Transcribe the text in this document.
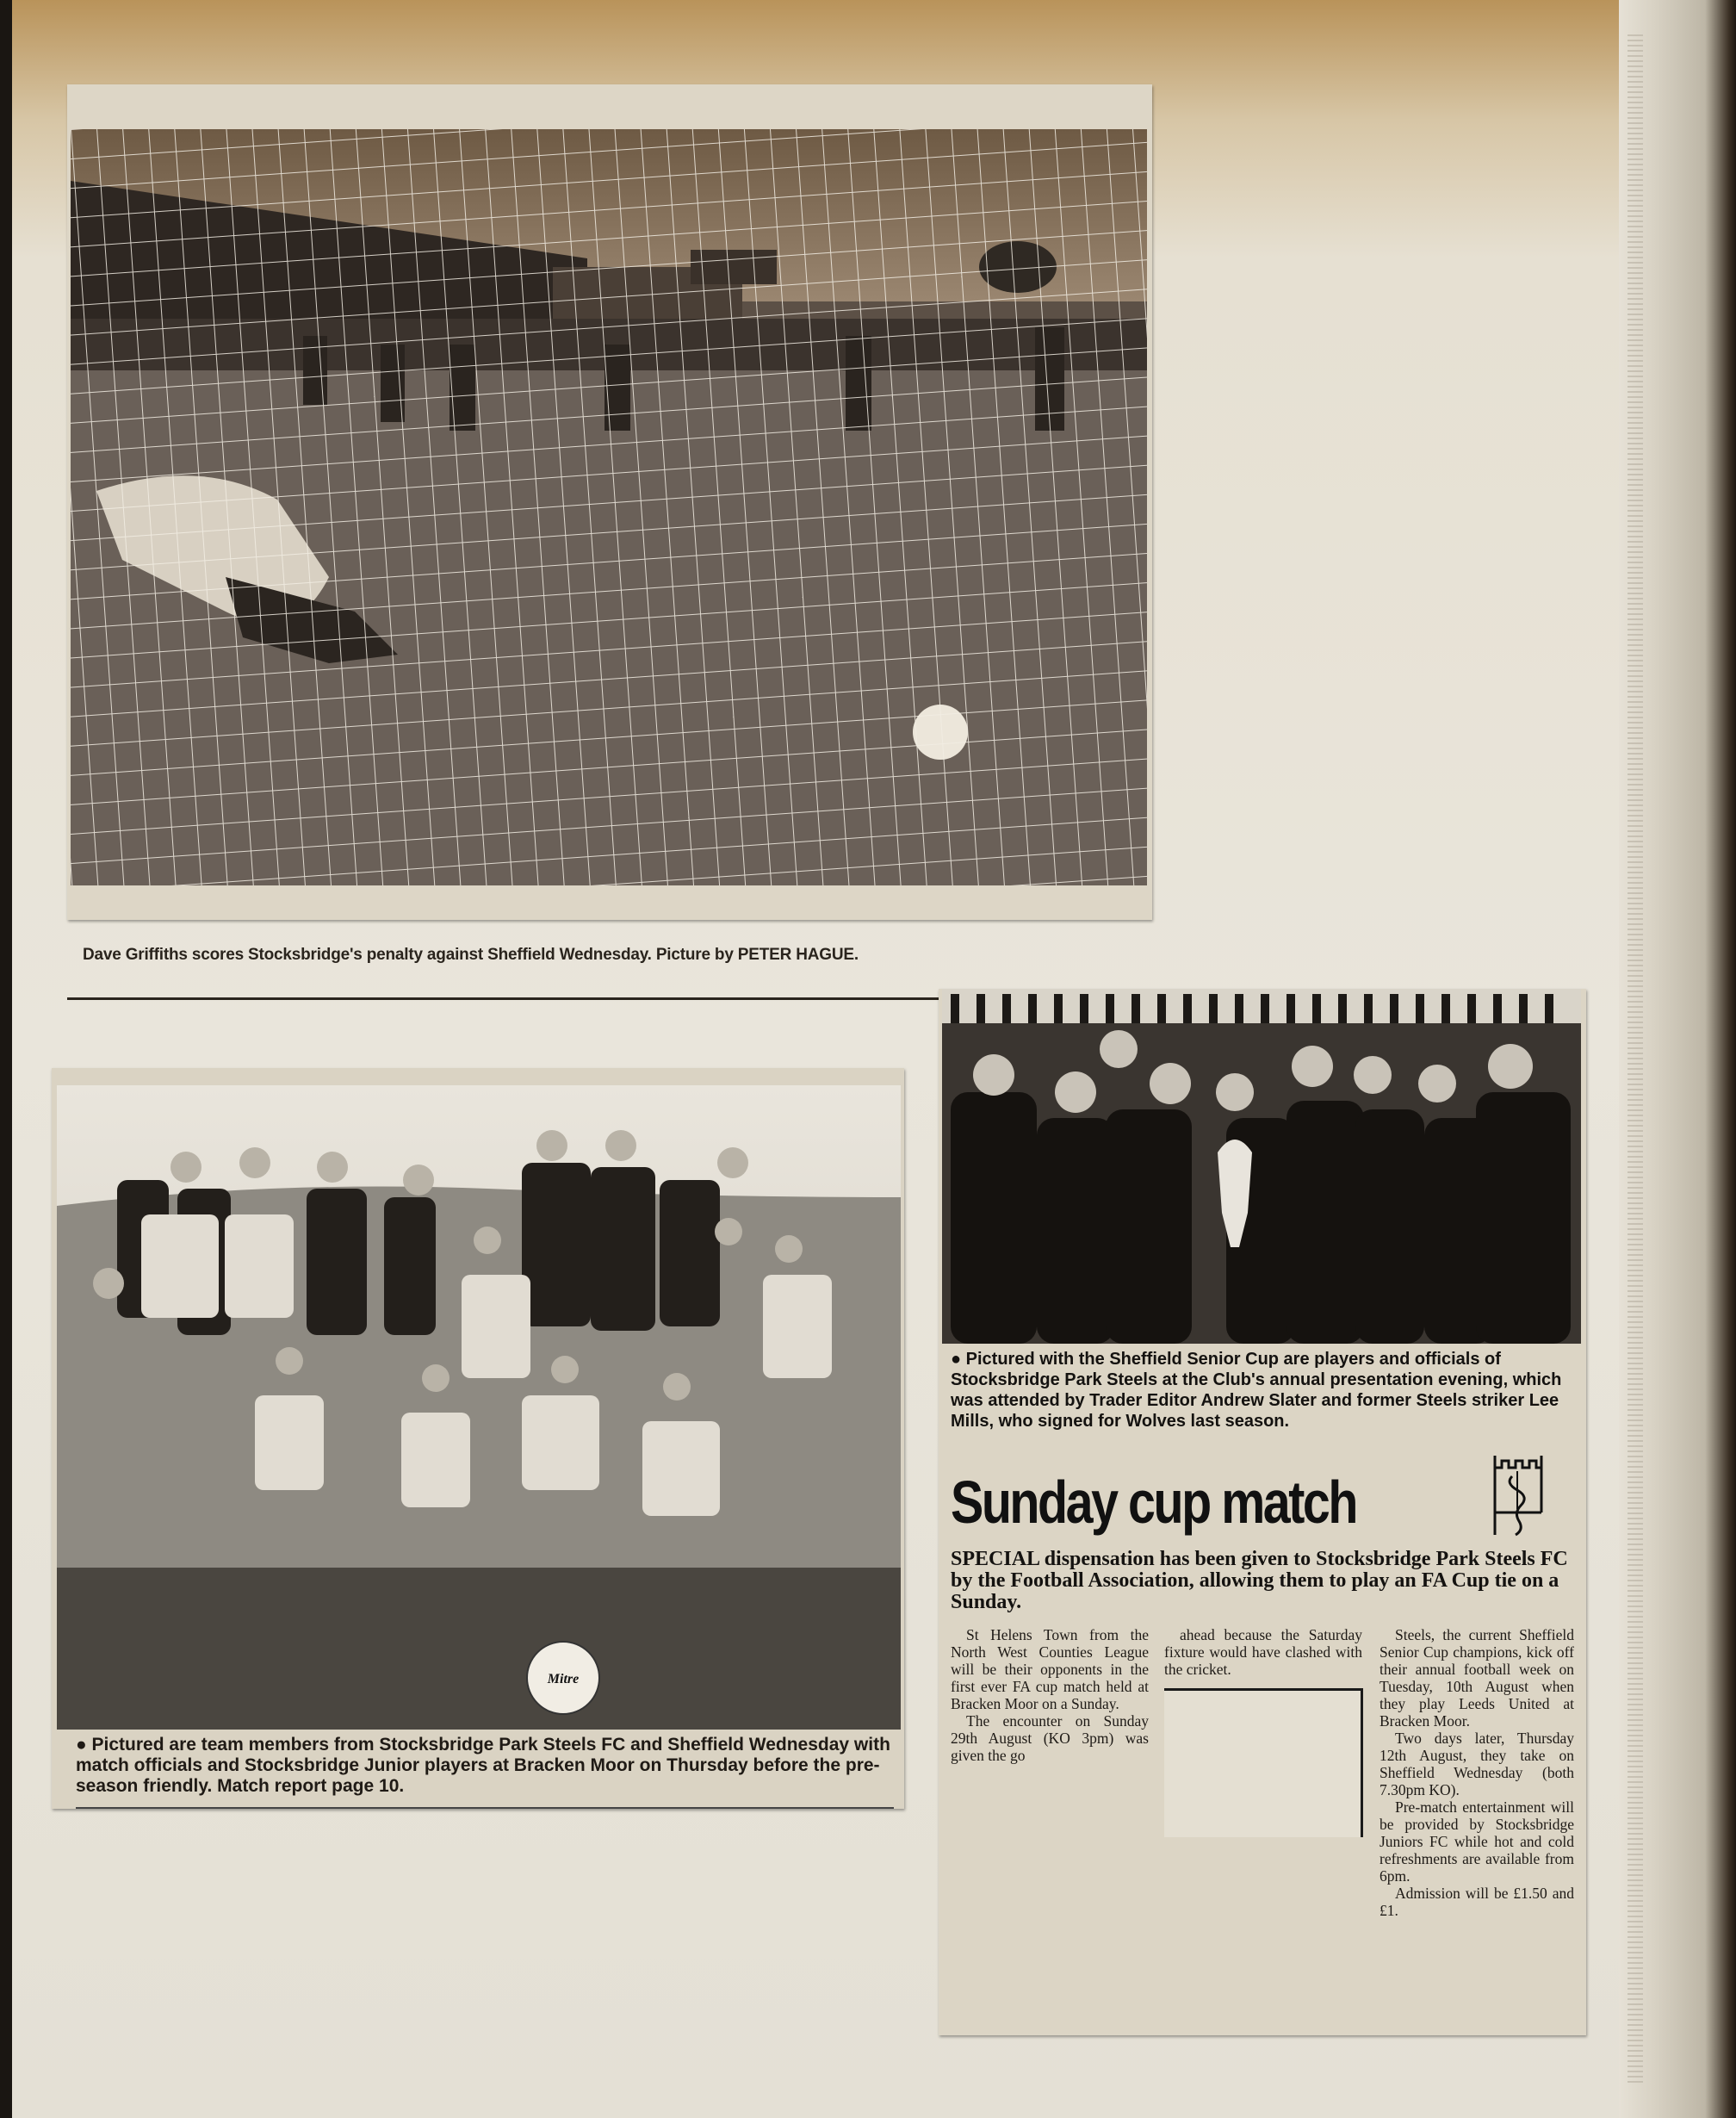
Dave Griffiths scores Stocksbridge's penalty against Sheffield Wednesday. Picture by PETER HAGUE.
Mitre
● Pictured are team members from Stocksbridge Park Steels FC and Sheffield Wednesday with match officials and Stocksbridge Junior players at Bracken Moor on Thursday before the pre-season friendly. Match report page 10.
● Pictured with the Sheffield Senior Cup are players and officials of Stocksbridge Park Steels at the Club's annual presentation evening, which was attended by Trader Editor Andrew Slater and former Steels striker Lee Mills, who signed for Wolves last season.
Sunday cup match
SPECIAL dispensation has been given to Stocksbridge Park Steels FC by the Football Association, allowing them to play an FA Cup tie on a Sunday.

St Helens Town from the North West Counties League will be their opponents in the first ever FA cup match held at Bracken Moor on a Sunday.

The encounter on Sunday 29th August (KO 3pm) was given the go

ahead because the Saturday fixture would have clashed with the cricket.

Steels, the current Sheffield Senior Cup champions, kick off their annual football week on Tuesday, 10th August when they play Leeds United at Bracken Moor.

Two days later, Thursday 12th August, they take on Sheffield Wednesday (both 7.30pm KO).

Pre-match entertainment will be provided by Stocksbridge Juniors FC while hot and cold refreshments are available from 6pm.

Admission will be £1.50 and £1.
